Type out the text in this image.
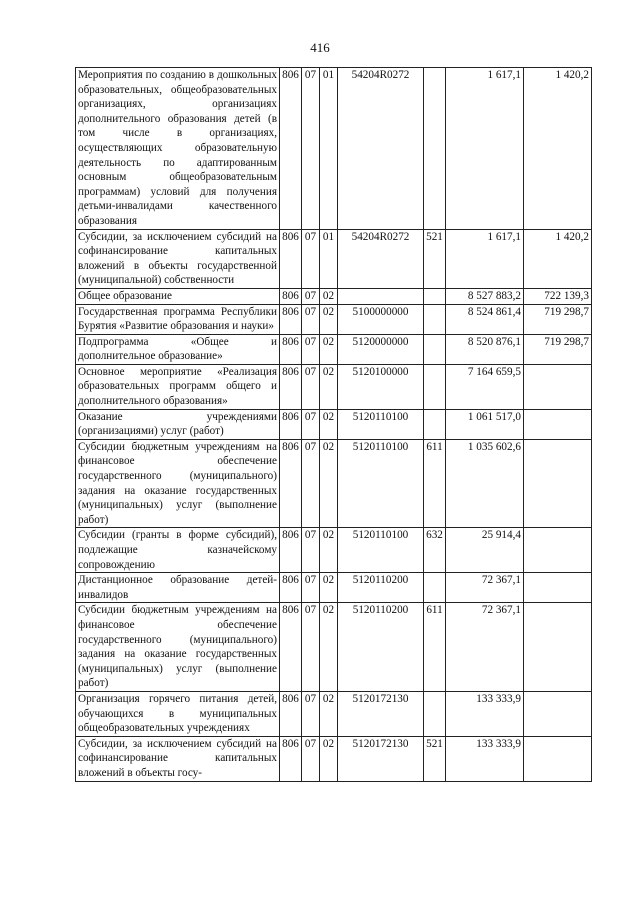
416
Мероприятия по созданию в дошкольных образовательных, общеобразовательных организациях, организациях дополнительного образования детей (в том числе в организациях, осуществляющих образовательную деятельность по адаптированным основным общеобразовательным программам) условий для получения детьми-инвалидами качественного образования	806	07	01	54204R0272		1 617,1	1 420,2
Субсидии, за исключением субсидий на софинансирование капитальных вложений в объекты государственной (муниципальной) собственности	806	07	01	54204R0272	521	1 617,1	1 420,2
Общее образование	806	07	02			8 527 883,2	722 139,3
Государственная программа Республики Бурятия «Развитие образования и науки»	806	07	02	5100000000		8 524 861,4	719 298,7
Подпрограмма «Общее и дополнительное образование»	806	07	02	5120000000		8 520 876,1	719 298,7
Основное мероприятие «Реализация образовательных программ общего и дополнительного образования»	806	07	02	5120100000		7 164 659,5	
Оказание учреждениями (организациями) услуг (работ)	806	07	02	5120110100		1 061 517,0	
Субсидии бюджетным учреждениям на финансовое обеспечение государственного (муниципального) задания на оказание государственных (муниципальных) услуг (выполнение работ)	806	07	02	5120110100	611	1 035 602,6	
Субсидии (гранты в форме субсидий), подлежащие казначейскому сопровождению	806	07	02	5120110100	632	25 914,4	
Дистанционное образование детей-инвалидов	806	07	02	5120110200		72 367,1	
Субсидии бюджетным учреждениям на финансовое обеспечение государственного (муниципального) задания на оказание государственных (муниципальных) услуг (выполнение работ)	806	07	02	5120110200	611	72 367,1	
Организация горячего питания детей, обучающихся в муниципальных общеобразовательных учреждениях	806	07	02	5120172130		133 333,9	
Субсидии, за исключением субсидий на софинансирование капитальных вложений в объекты госу-	806	07	02	5120172130	521	133 333,9	
